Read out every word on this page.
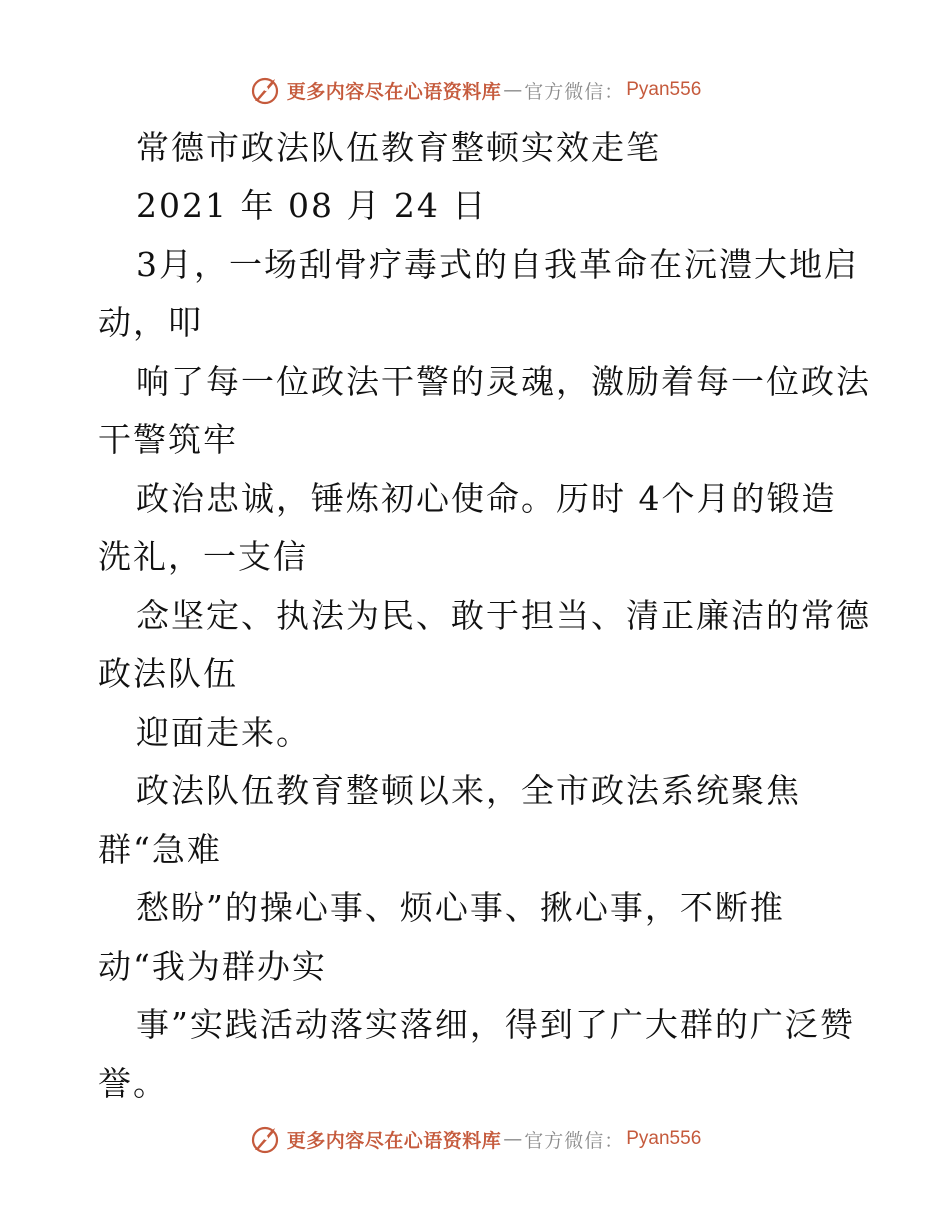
更多内容尽在心语资料库 — 官方微信： Pyan556
常德市政法队伍教育整顿实效走笔
2021 年 08 月 24 日
3月，一场刮骨疗毒式的自我革命在沅澧大地启
动，叩
响了每一位政法干警的灵魂，激励着每一位政法
干警筑牢
政治忠诚，锤炼初心使命。历时 4个月的锻造
洗礼，一支信
念坚定、执法为民、敢于担当、清正廉洁的常德
政法队伍
迎面走来。
政法队伍教育整顿以来，全市政法系统聚焦
群“急难
愁盼”的操心事、烦心事、揪心事，不断推
动“我为群办实
事”实践活动落实落细，得到了广大群的广泛赞
誉。
更多内容尽在心语资料库 — 官方微信： Pyan556
